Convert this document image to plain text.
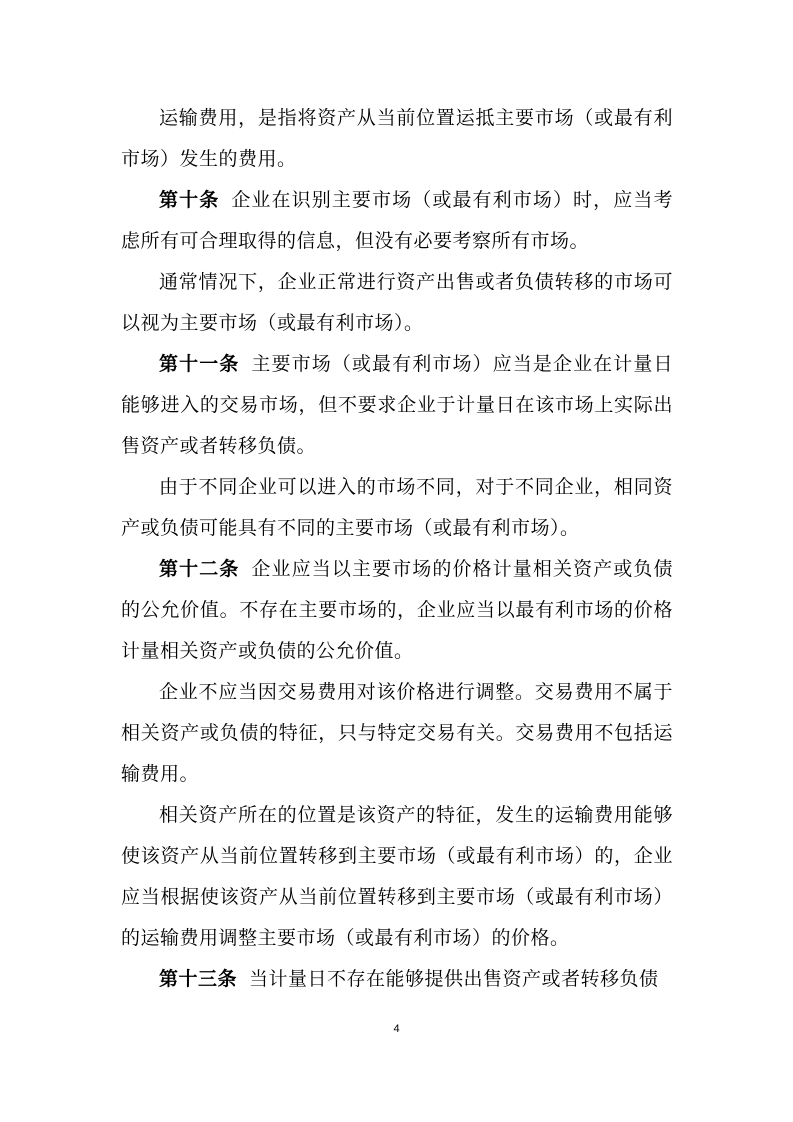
运输费用，是指将资产从当前位置运抵主要市场（或最有利市场）发生的费用。

第十条 企业在识别主要市场（或最有利市场）时，应当考虑所有可合理取得的信息，但没有必要考察所有市场。

通常情况下，企业正常进行资产出售或者负债转移的市场可以视为主要市场（或最有利市场）。

第十一条 主要市场（或最有利市场）应当是企业在计量日能够进入的交易市场，但不要求企业于计量日在该市场上实际出售资产或者转移负债。

由于不同企业可以进入的市场不同，对于不同企业，相同资产或负债可能具有不同的主要市场（或最有利市场）。

第十二条 企业应当以主要市场的价格计量相关资产或负债的公允价值。不存在主要市场的，企业应当以最有利市场的价格计量相关资产或负债的公允价值。

企业不应当因交易费用对该价格进行调整。交易费用不属于相关资产或负债的特征，只与特定交易有关。交易费用不包括运输费用。

相关资产所在的位置是该资产的特征，发生的运输费用能够使该资产从当前位置转移到主要市场（或最有利市场）的，企业应当根据使该资产从当前位置转移到主要市场（或最有利市场）的运输费用调整主要市场（或最有利市场）的价格。

第十三条 当计量日不存在能够提供出售资产或者转移负债

4
